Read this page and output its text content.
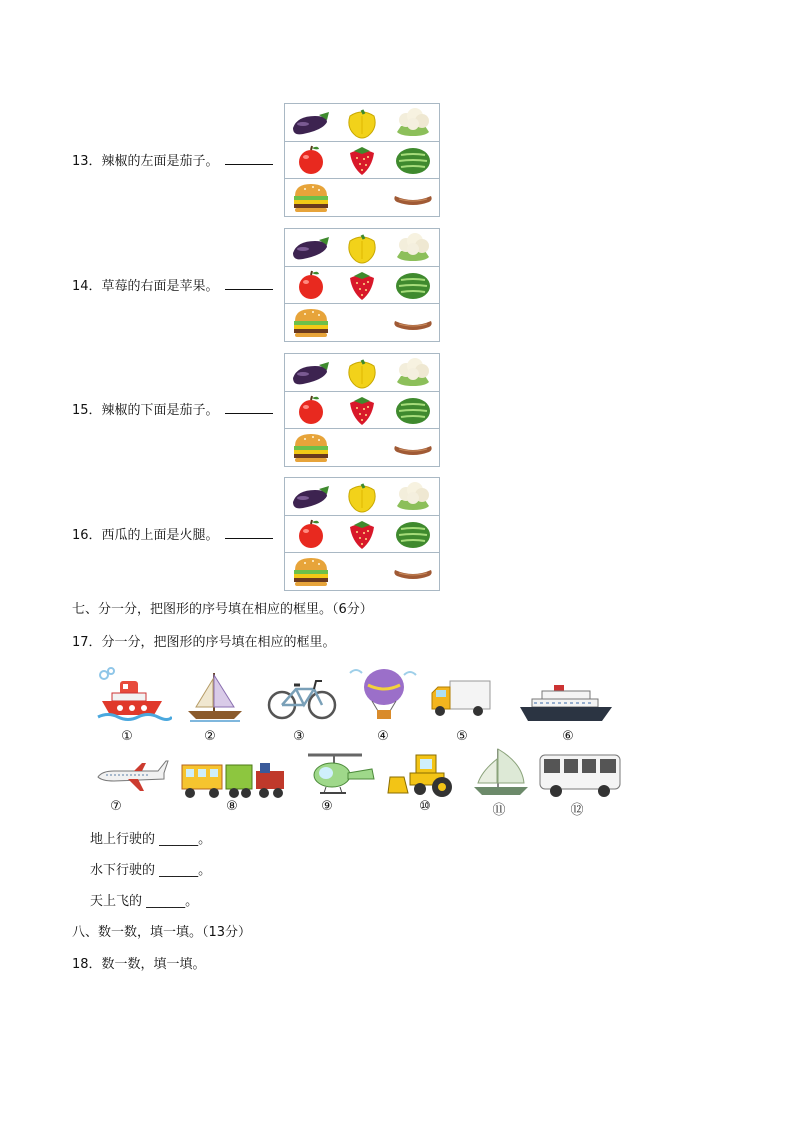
13．辣椒的左面是茄子。
14．草莓的右面是苹果。
15．辣椒的下面是茄子。
16．西瓜的上面是火腿。
七、分一分，把图形的序号填在相应的框里。（6分）
17．分一分，把图形的序号填在相应的框里。
①	②	③	④	⑤	⑥
⑦	⑧	⑨	⑩	⑪	⑫
地上行驶的 ______。
水下行驶的 ______。
天上飞的 ______。
八、数一数，填一填。（13分）
18．数一数，填一填。
